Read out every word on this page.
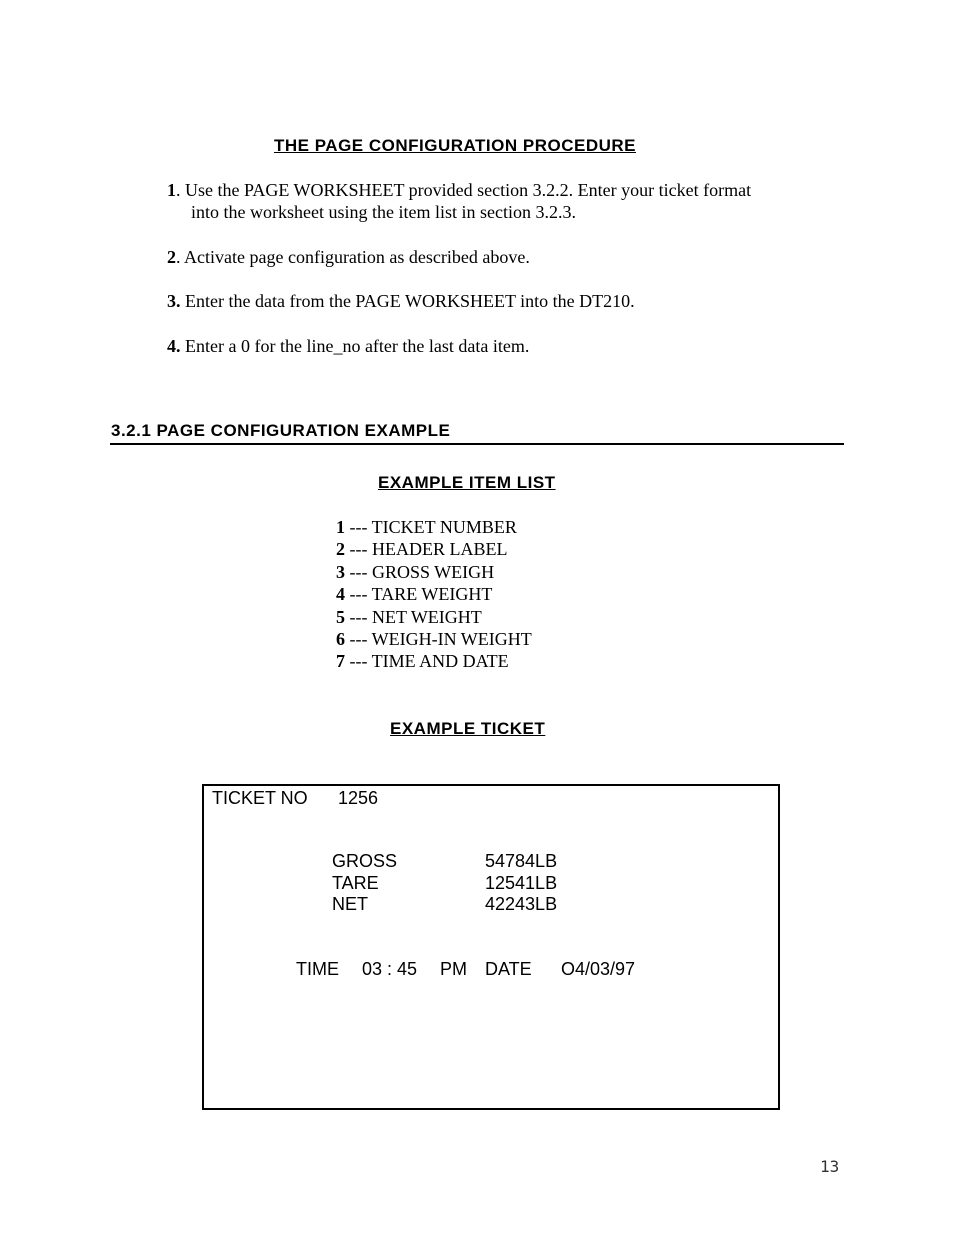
THE PAGE CONFIGURATION PROCEDURE
1. Use the PAGE WORKSHEET provided section 3.2.2. Enter your ticket format
into the worksheet using the item list in section 3.2.3.
2. Activate page configuration as described above.
3. Enter the data from the PAGE WORKSHEET into the DT210.
4. Enter a 0 for the line_no after the last data item.
3.2.1 PAGE CONFIGURATION EXAMPLE
EXAMPLE ITEM LIST
1 --- TICKET NUMBER
2 --- HEADER LABEL
3 --- GROSS WEIGH
4 --- TARE WEIGHT
5 --- NET WEIGHT
6 --- WEIGH-IN WEIGHT
7 --- TIME AND DATE
EXAMPLE TICKET
TICKET NO 1256
GROSS	54784LB
TARE	12541LB
NET	42243LB
TIME 03 : 45 PM DATE O4/03/97
13
